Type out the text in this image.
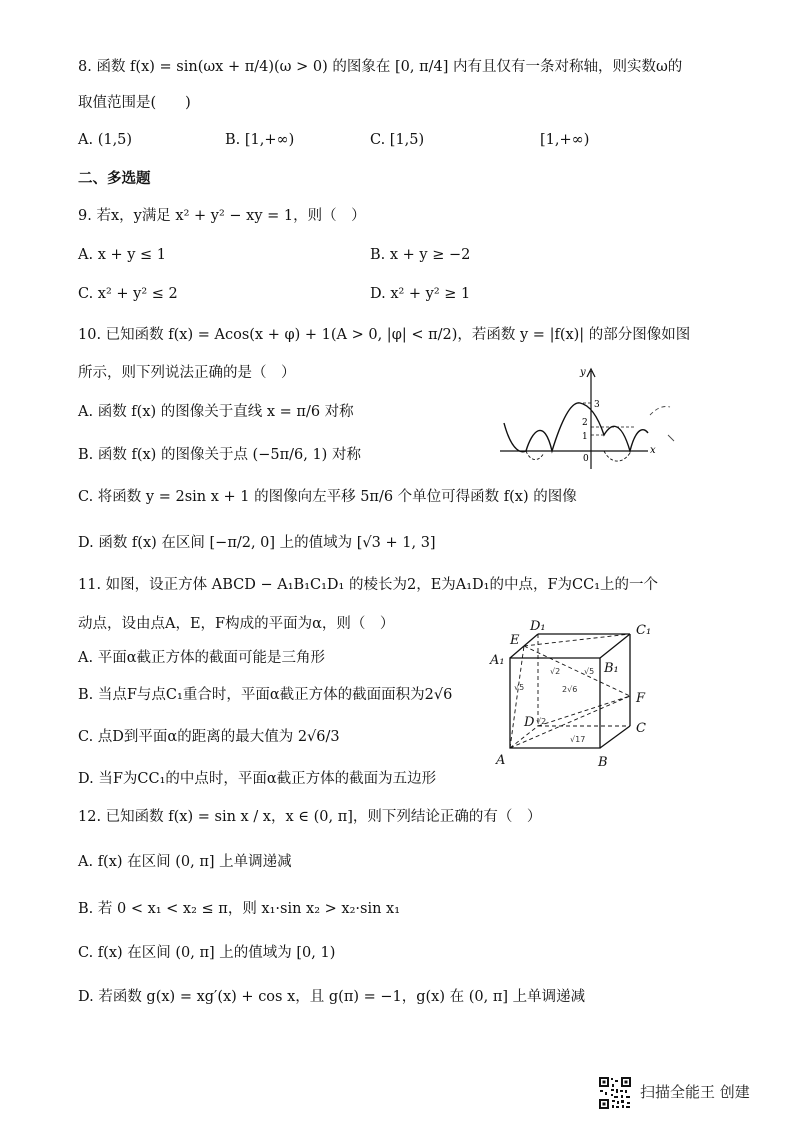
8. 函数 f(x) = sin(ωx + π/4)(ω > 0) 的图象在 [0, π/4] 内有且仅有一条对称轴，则实数ω的
取值范围是(　　)
A. (1,5)	B. [1,+∞)	C. [1,5)	[1,+∞)
二、多选题
9. 若x，y满足 x² + y² − xy = 1，则（　）
A. x + y ≤ 1	B. x + y ≥ −2
C. x² + y² ≤ 2	D. x² + y² ≥ 1
10. 已知函数 f(x) = Acos(x + φ) + 1(A > 0, |φ| < π/2)，若函数 y = |f(x)| 的部分图像如图
所示，则下列说法正确的是（　）
A. 函数 f(x) 的图像关于直线 x = π/6 对称
B. 函数 f(x) 的图像关于点 (−5π/6, 1) 对称
C. 将函数 y = 2sin x + 1 的图像向左平移 5π/6 个单位可得函数 f(x) 的图像
D. 函数 f(x) 在区间 [−π/2, 0] 上的值域为 [√3 + 1, 3]
y
3
2
1
0
x
11. 如图，设正方体 ABCD − A₁B₁C₁D₁ 的棱长为2，E为A₁D₁的中点，F为CC₁上的一个
动点，设由点A，E，F构成的平面为α，则（　）
A. 平面α截正方体的截面可能是三角形
B. 当点F与点C₁重合时，平面α截正方体的截面面积为2√6
C. 点D到平面α的距离的最大值为 2√6/3
D. 当F为CC₁的中点时，平面α截正方体的截面为五边形
D₁	C₁
E
A₁
B₁
F
D	C
A	B
√5
√2	√5
2√6
√2
√17
12. 已知函数 f(x) = sin x / x，x ∈ (0, π]，则下列结论正确的有（　）
A. f(x) 在区间 (0, π] 上单调递减
B. 若 0 < x₁ < x₂ ≤ π，则 x₁·sin x₂ > x₂·sin x₁
C. f(x) 在区间 (0, π] 上的值域为 [0, 1)
D. 若函数 g(x) = xg′(x) + cos x，且 g(π) = −1，g(x) 在 (0, π] 上单调递减
扫描全能王 创建
